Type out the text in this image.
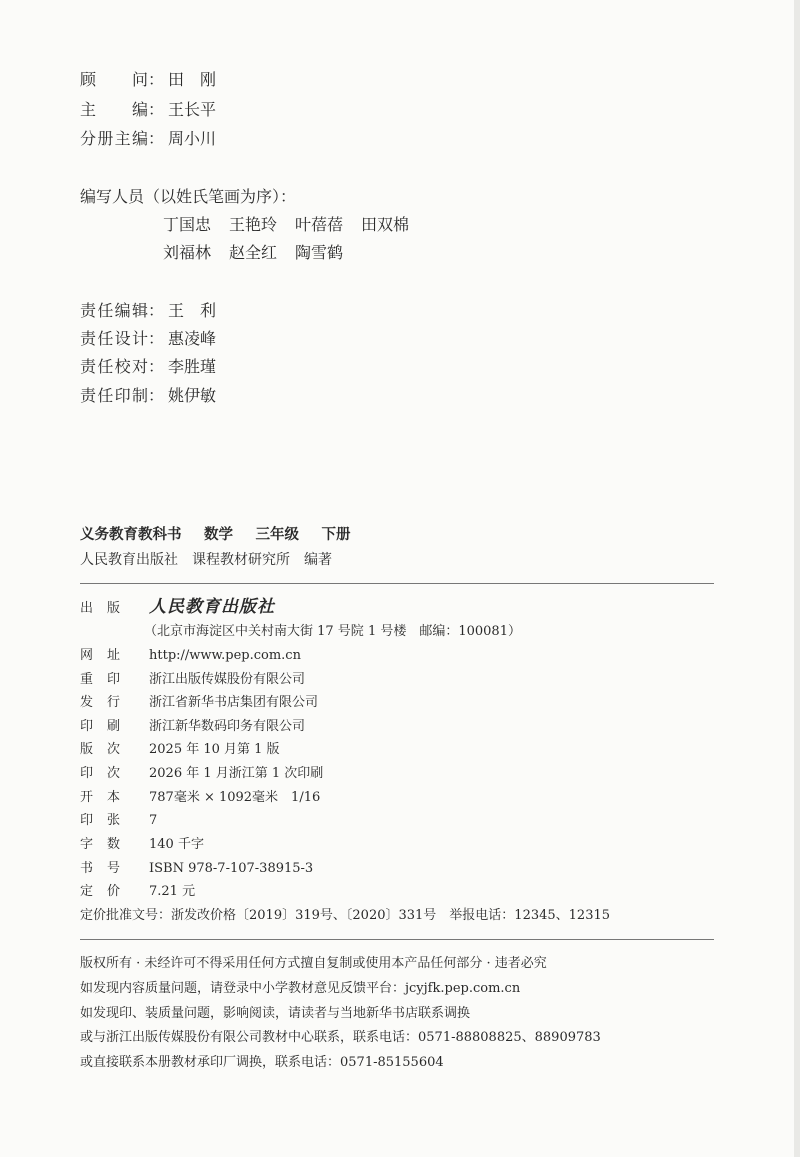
顾　问： 田　刚
主　编： 王长平
分册主编： 周小川
编写人员（以姓氏笔画为序）：
丁国忠 王艳玲 叶蓓蓓 田双棉
刘福林 赵全红 陶雪鹤
责任编辑： 王　利
责任设计： 惠凌峰
责任校对： 李胜瑾
责任印制： 姚伊敏
义务教育教科书　 数学　 三年级　 下册
人民教育出版社　课程教材研究所　编著
出　版 人民教育出版社
（北京市海淀区中关村南大街 17 号院 1 号楼　邮编：100081）
网　址 http://www.pep.com.cn
重　印 浙江出版传媒股份有限公司
发　行 浙江省新华书店集团有限公司
印　刷 浙江新华数码印务有限公司
版　次 2025 年 10 月第 1 版
印　次 2026 年 1 月浙江第 1 次印刷
开　本 787毫米 × 1092毫米　1/16
印　张 7
字　数 140 千字
书　号 ISBN 978-7-107-38915-3
定　价 7.21 元
定价批准文号：浙发改价格〔2019〕319号、〔2020〕331号　举报电话：12345、12315
版权所有 · 未经许可不得采用任何方式擅自复制或使用本产品任何部分 · 违者必究
如发现内容质量问题，请登录中小学教材意见反馈平台：jcyjfk.pep.com.cn
如发现印、装质量问题，影响阅读，请读者与当地新华书店联系调换
或与浙江出版传媒股份有限公司教材中心联系，联系电话：0571-88808825、88909783
或直接联系本册教材承印厂调换，联系电话：0571-85155604
